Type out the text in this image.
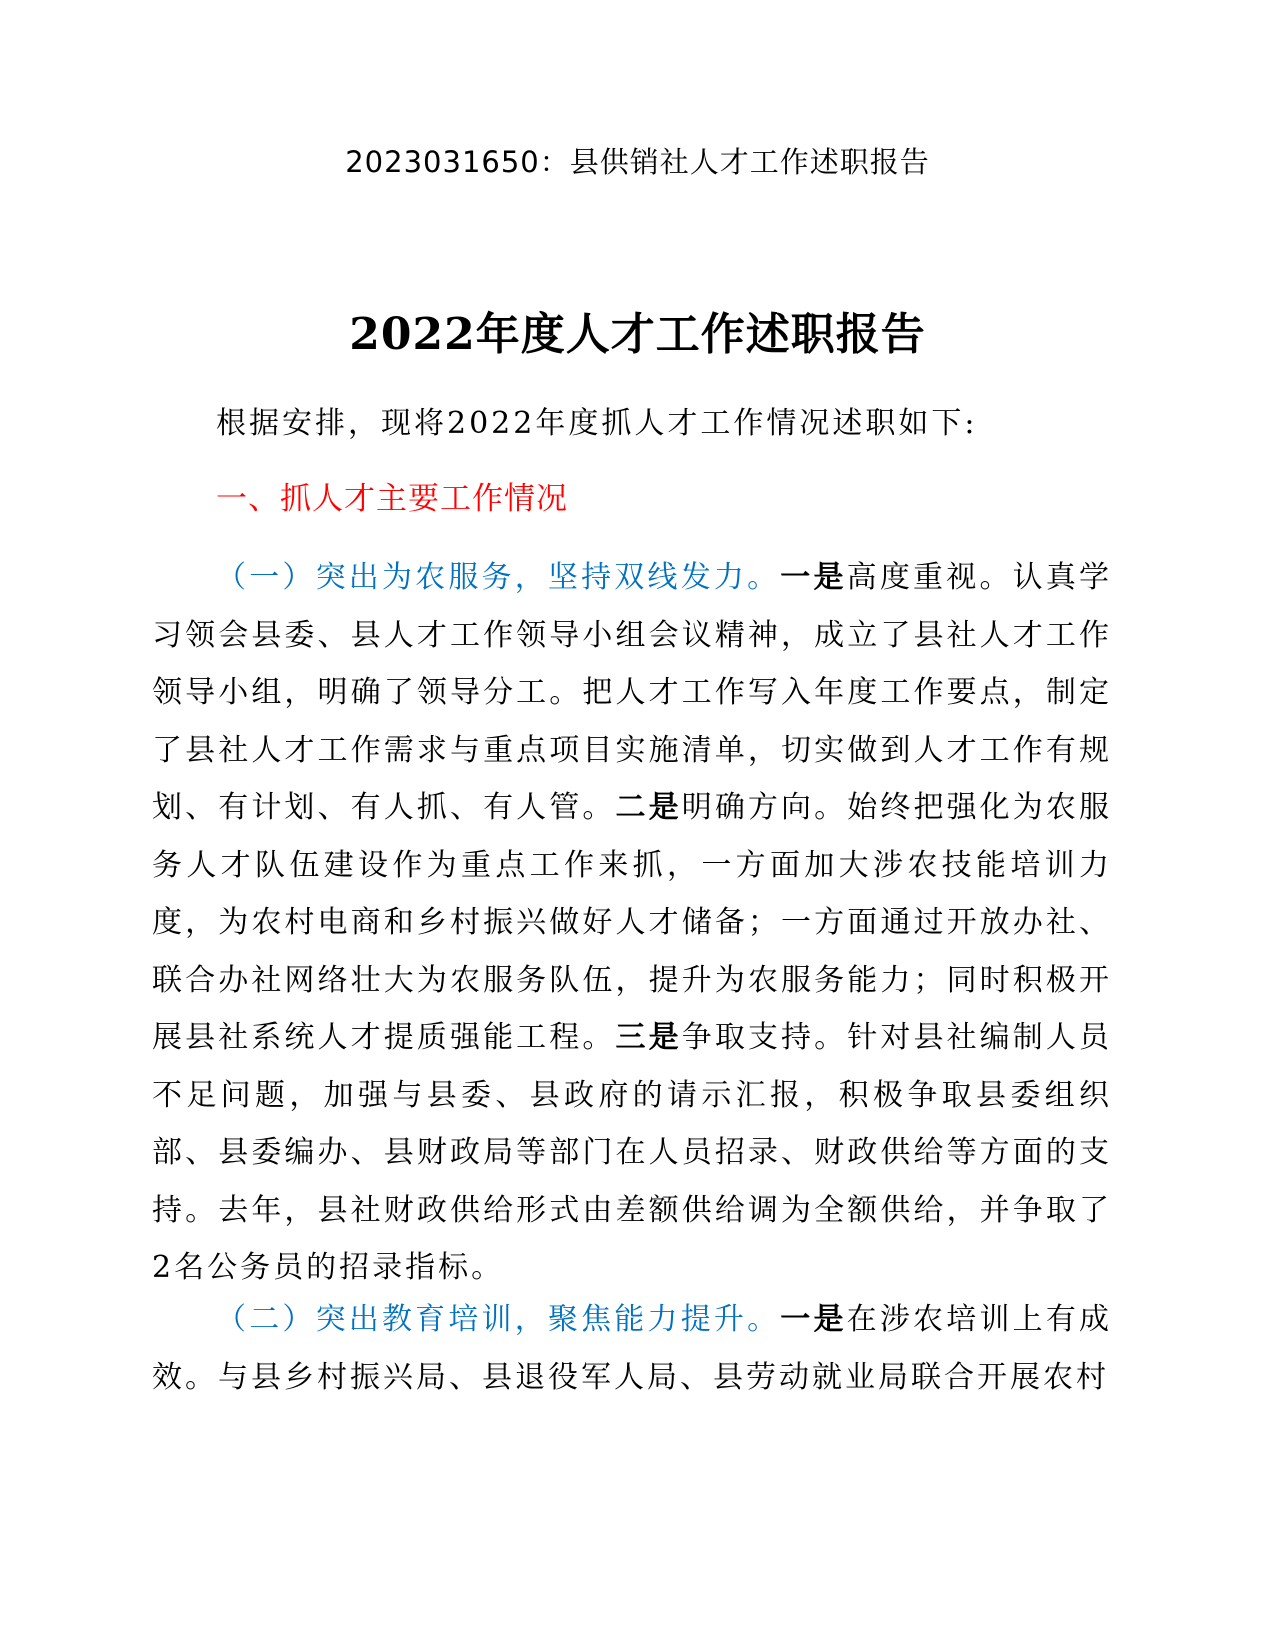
2023031650：县供销社人才工作述职报告
2022年度人才工作述职报告
根据安排，现将2022年度抓人才工作情况述职如下:
一、抓人才主要工作情况
（一）突出为农服务，坚持双线发力。一是高度重视。认真学习领会县委、县人才工作领导小组会议精神，成立了县社人才工作领导小组，明确了领导分工。把人才工作写入年度工作要点，制定了县社人才工作需求与重点项目实施清单，切实做到人才工作有规划、有计划、有人抓、有人管。二是明确方向。始终把强化为农服务人才队伍建设作为重点工作来抓，一方面加大涉农技能培训力度，为农村电商和乡村振兴做好人才储备；一方面通过开放办社、联合办社网络壮大为农服务队伍，提升为农服务能力；同时积极开展县社系统人才提质强能工程。三是争取支持。针对县社编制人员不足问题，加强与县委、县政府的请示汇报，积极争取县委组织部、县委编办、县财政局等部门在人员招录、财政供给等方面的支持。去年，县社财政供给形式由差额供给调为全额供给，并争取了2名公务员的招录指标。
（二）突出教育培训，聚焦能力提升。一是在涉农培训上有成效。与县乡村振兴局、县退役军人局、县劳动就业局联合开展农村
